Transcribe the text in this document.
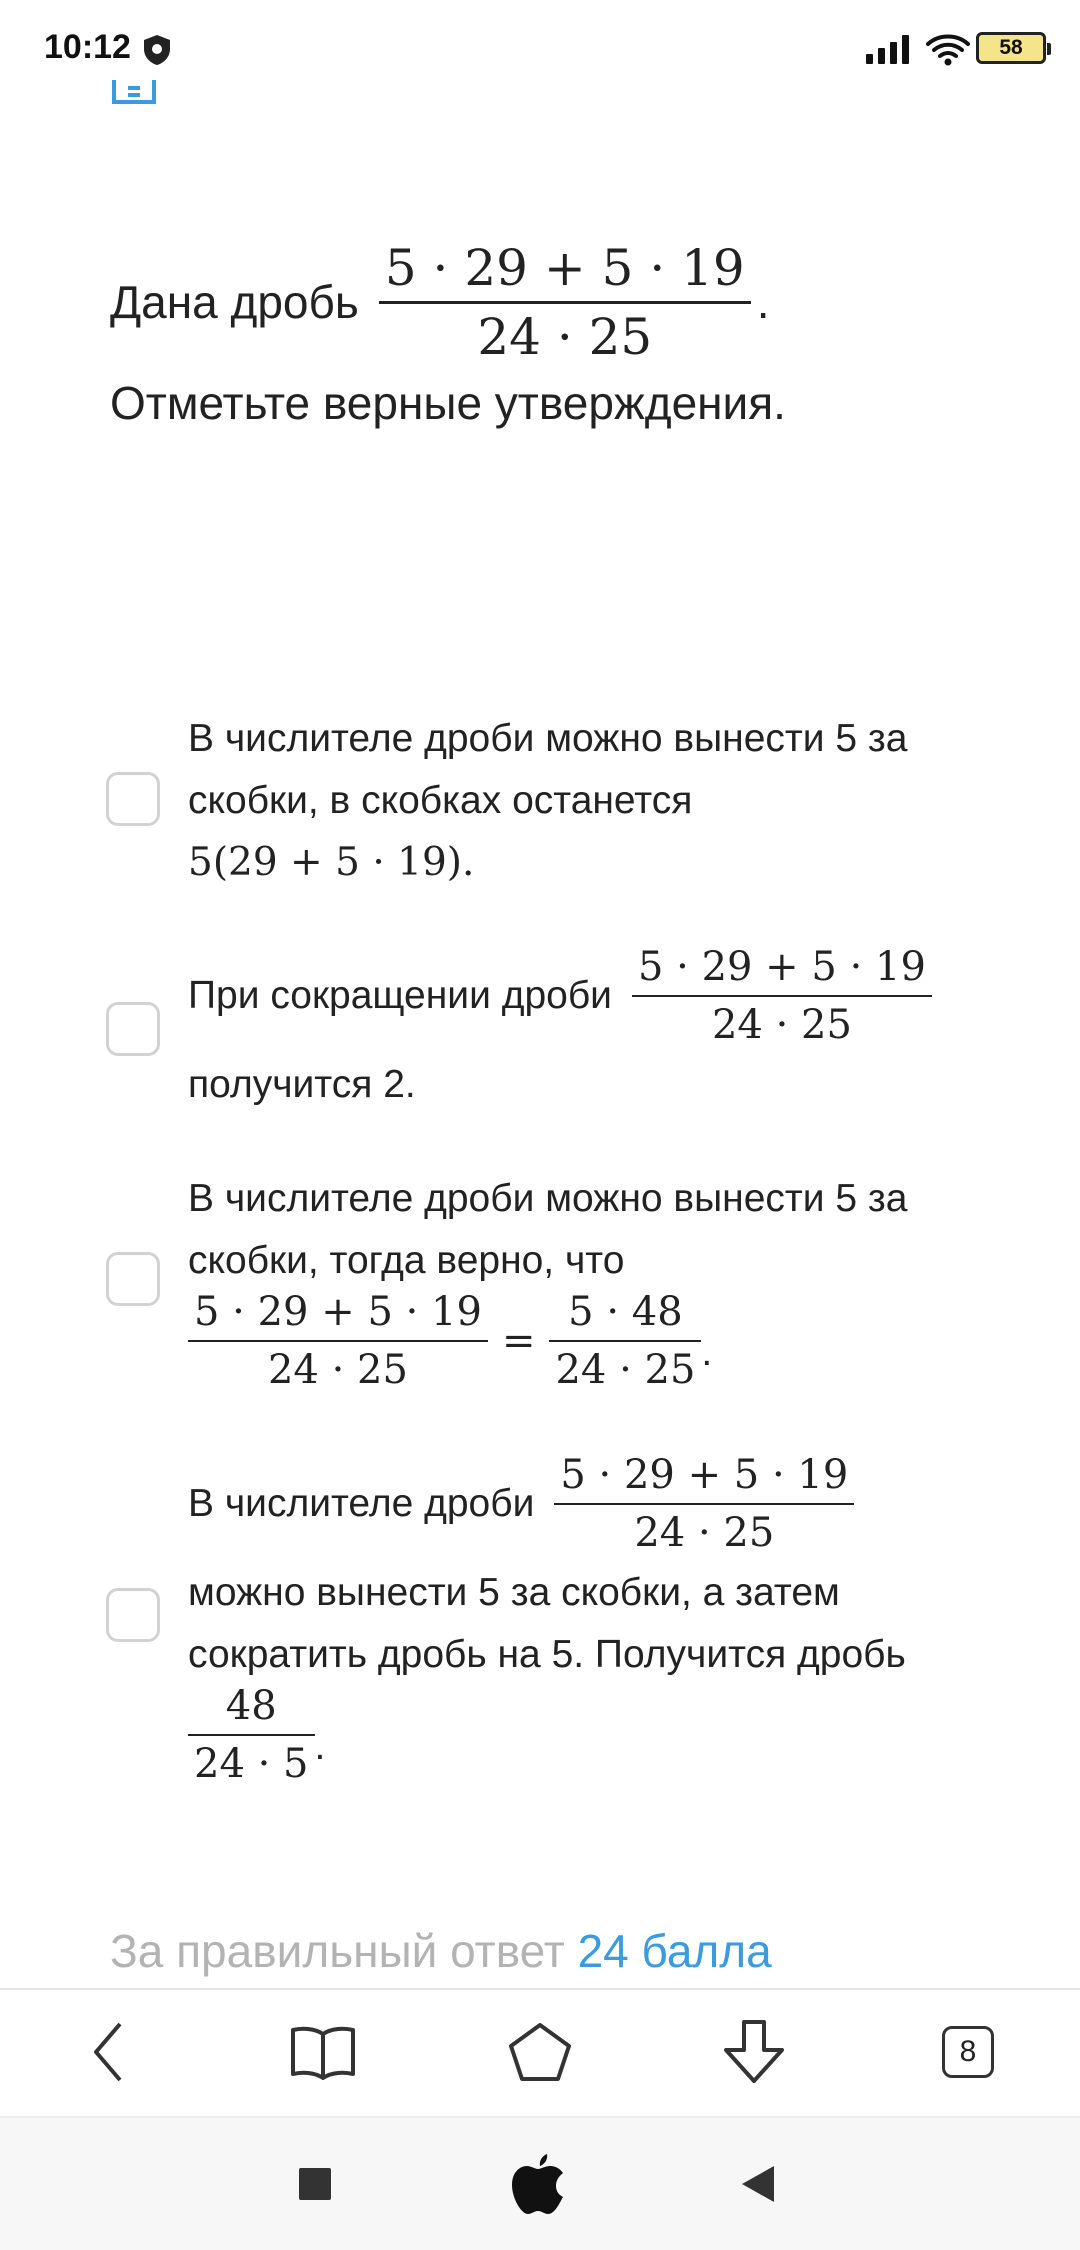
10:12	58
Дана дробь $\frac{5 \cdot 29 + 5 \cdot 19}{24 \cdot 25}$ .
Отметьте верные утверждения.
В числителе дроби можно вынести 5 за
скобки, в скобках останется
5(29 + 5 · 19).
При сокращении дроби $\frac{5 \cdot 29 + 5 \cdot 19}{24 \cdot 25}$
получится 2.
В числителе дроби можно вынести 5 за
скобки, тогда верно, что
$\frac{5 \cdot 29 + 5 \cdot 19}{24 \cdot 25} = \frac{5 \cdot 48}{24 \cdot 25}$ .
В числителе дроби $\frac{5 \cdot 29 + 5 \cdot 19}{24 \cdot 25}$
можно вынести 5 за скобки, а затем
сократить дробь на 5. Получится дробь
$\frac{48}{24 \cdot 5}$ .
За правильный ответ 24 балла
8
